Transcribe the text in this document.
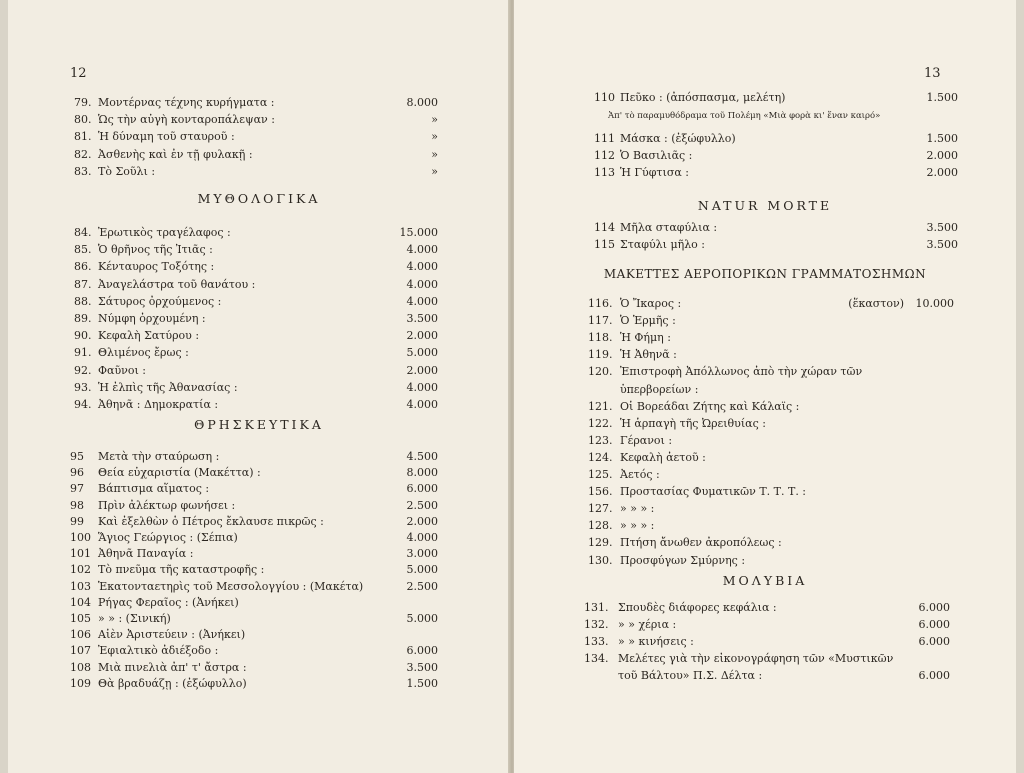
12
ΜΥΘΟΛΟΓΙΚΑ
ΘΡΗΣΚΕΥΤΙΚΑ
79. Μοντέρνας τέχνης κυρήγματα :	8.000
80. Ὡς τὴν αὐγὴ κονταροπάλεψαν :	»
81. Ἡ δύναμη τοῦ σταυροῦ :	»
82. Ἀσθενὴς καὶ ἐν τῇ φυλακῇ :	»
83. Τὸ Σοῦλι :	»
84. Ἐρωτικὸς τραγέλαφος :	15.000
85. Ὁ θρῆνος τῆς Ἰτιᾶς :	4.000
86. Κένταυρος Τοξότης :	4.000
87. Ἀναγελάστρα τοῦ θανάτου :	4.000
88. Σάτυρος ὀρχούμενος :	4.000
89. Νύμφη ὀρχουμένη :	3.500
90. Κεφαλὴ Σατύρου :	2.000
91. Θλιμένος ἔρως :	5.000
92. Φαῦνοι :	2.000
93. Ἡ ἐλπὶς τῆς Ἀθανασίας :	4.000
94. Ἀθηνᾶ : Δημοκρατία :	4.000
95 Μετὰ τὴν σταύρωση :	4.500
96 Θεία εὐχαριστία (Μακέττα) :	8.000
97 Βάπτισμα αἵματος :	6.000
98 Πρὶν ἀλέκτωρ φωνήσει :	2.500
99 Καὶ ἐξελθὼν ὁ Πέτρος ἔκλαυσε πικρῶς :	2.000
100 Ἅγιος Γεώργιος : (Σέπια)	4.000
101 Ἀθηνᾶ Παναγία :	3.000
102 Τὸ πνεῦμα τῆς καταστροφῆς :	5.000
103 Ἑκατονταετηρὶς τοῦ Μεσσολογγίου : (Μακέτα)	2.500
104 Ρήγας Φεραῖος : (Ἀνήκει)
105 » » : (Σινική)	5.000
106 Αἰὲν Ἀριστεύειν : (Ἀνήκει)
107 Ἐφιαλτικὸ ἀδιέξοδο :	6.000
108 Μιὰ πινελιὰ ἀπ' τ' ἄστρα :	3.500
109 Θὰ βραδυάζῃ : (ἐξώφυλλο)	1.500
13
Ἀπ' τὸ παραμυθόδραμα τοῦ Πολέμη «Μιὰ φορὰ κι' ἕναν καιρό»
NATUR MORTE
ΜΑΚΕΤΤΕΣ ΑΕΡΟΠΟΡΙΚΩΝ ΓΡΑΜΜΑΤΟΣΗΜΩΝ
ΜΟΛΥΒΙΑ
110 Πεῦκο : (ἀπόσπασμα, μελέτη)	1.500
111 Μάσκα : (ἐξώφυλλο)	1.500
112 Ὁ Βασιλιᾶς :	2.000
113 Ἡ Γύφτισα :	2.000
114 Μῆλα σταφύλια :	3.500
115 Σταφύλι μῆλο :	3.500
116. Ὁ Ἴκαρος :	(ἕκαστον) 10.000
117. Ὁ Ἑρμῆς :
118. Ἡ Φήμη :
119. Ἡ Ἀθηνᾶ :
120. Ἐπιστροφὴ Ἀπόλλωνος ἀπὸ τὴν χώραν τῶν
ὑπερβορείων :
121. Οἱ Βορεάδαι Ζήτης καὶ Κάλαϊς :
122. Ἡ ἁρπαγὴ τῆς Ὠρειθυίας :
123. Γέρανοι :
124. Κεφαλὴ ἀετοῦ :
125. Ἀετός :
156. Προστασίας Φυματικῶν Τ. Τ. Τ. :
127. » » » :
128. » » » :
129. Πτήση ἄνωθεν ἀκροπόλεως :
130. Προσφύγων Σμύρνης :
131. Σπουδὲς διάφορες κεφάλια :	6.000
132. » » χέρια :	6.000
133. » » κινήσεις :	6.000
134. Μελέτες γιὰ τὴν εἰκονογράφηση τῶν «Μυστικῶν
τοῦ Βάλτου» Π.Σ. Δέλτα :	6.000
